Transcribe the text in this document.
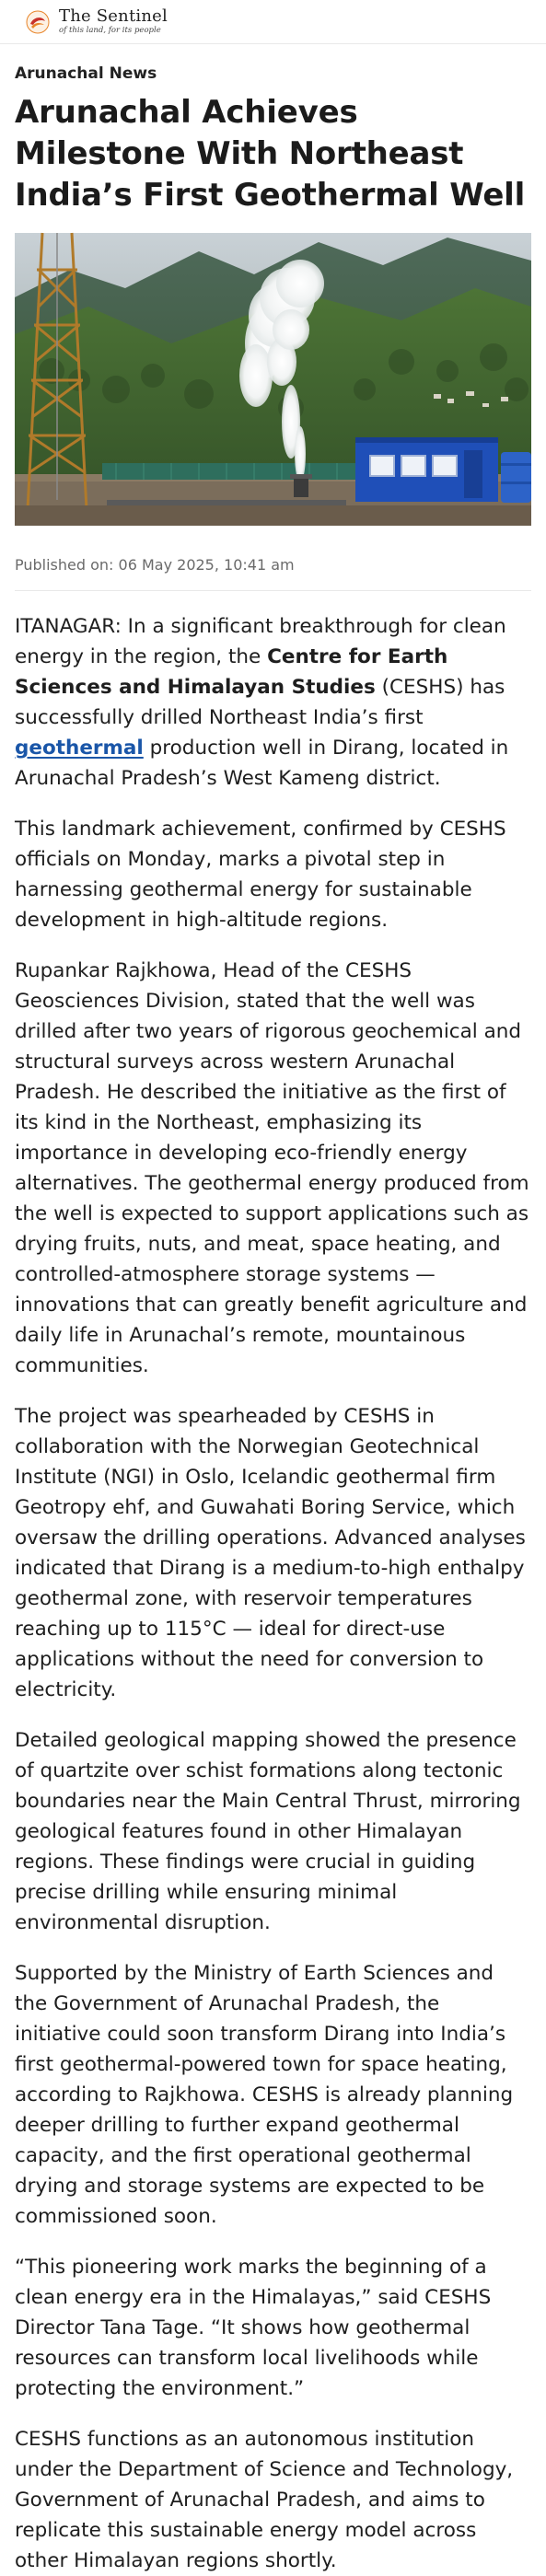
The Sentinel
of this land, for its people
Arunachal News
Arunachal Achieves Milestone With Northeast India’s First Geothermal Well
Published on: 06 May 2025, 10:41 am

ITANAGAR: In a significant breakthrough for clean energy in the region, the Centre for Earth Sciences and Himalayan Studies (CESHS) has successfully drilled Northeast India’s first geothermal production well in Dirang, located in Arunachal Pradesh’s West Kameng district.

This landmark achievement, confirmed by CESHS officials on Monday, marks a pivotal step in harnessing geothermal energy for sustainable development in high-altitude regions.

Rupankar Rajkhowa, Head of the CESHS Geosciences Division, stated that the well was drilled after two years of rigorous geochemical and structural surveys across western Arunachal Pradesh. He described the initiative as the first of its kind in the Northeast, emphasizing its importance in developing eco-friendly energy alternatives. The geothermal energy produced from the well is expected to support applications such as drying fruits, nuts, and meat, space heating, and controlled-atmosphere storage systems — innovations that can greatly benefit agriculture and daily life in Arunachal’s remote, mountainous communities.

The project was spearheaded by CESHS in collaboration with the Norwegian Geotechnical Institute (NGI) in Oslo, Icelandic geothermal firm Geotropy ehf, and Guwahati Boring Service, which oversaw the drilling operations. Advanced analyses indicated that Dirang is a medium-to-high enthalpy geothermal zone, with reservoir temperatures reaching up to 115°C — ideal for direct-use applications without the need for conversion to electricity.

Detailed geological mapping showed the presence of quartzite over schist formations along tectonic boundaries near the Main Central Thrust, mirroring geological features found in other Himalayan regions. These findings were crucial in guiding precise drilling while ensuring minimal environmental disruption.

Supported by the Ministry of Earth Sciences and the Government of Arunachal Pradesh, the initiative could soon transform Dirang into India’s first geothermal-powered town for space heating, according to Rajkhowa. CESHS is already planning deeper drilling to further expand geothermal capacity, and the first operational geothermal drying and storage systems are expected to be commissioned soon.

“This pioneering work marks the beginning of a clean energy era in the Himalayas,” said CESHS Director Tana Tage. “It shows how geothermal resources can transform local livelihoods while protecting the environment.”

CESHS functions as an autonomous institution under the Department of Science and Technology, Government of Arunachal Pradesh, and aims to replicate this sustainable energy model across other Himalayan regions shortly.
